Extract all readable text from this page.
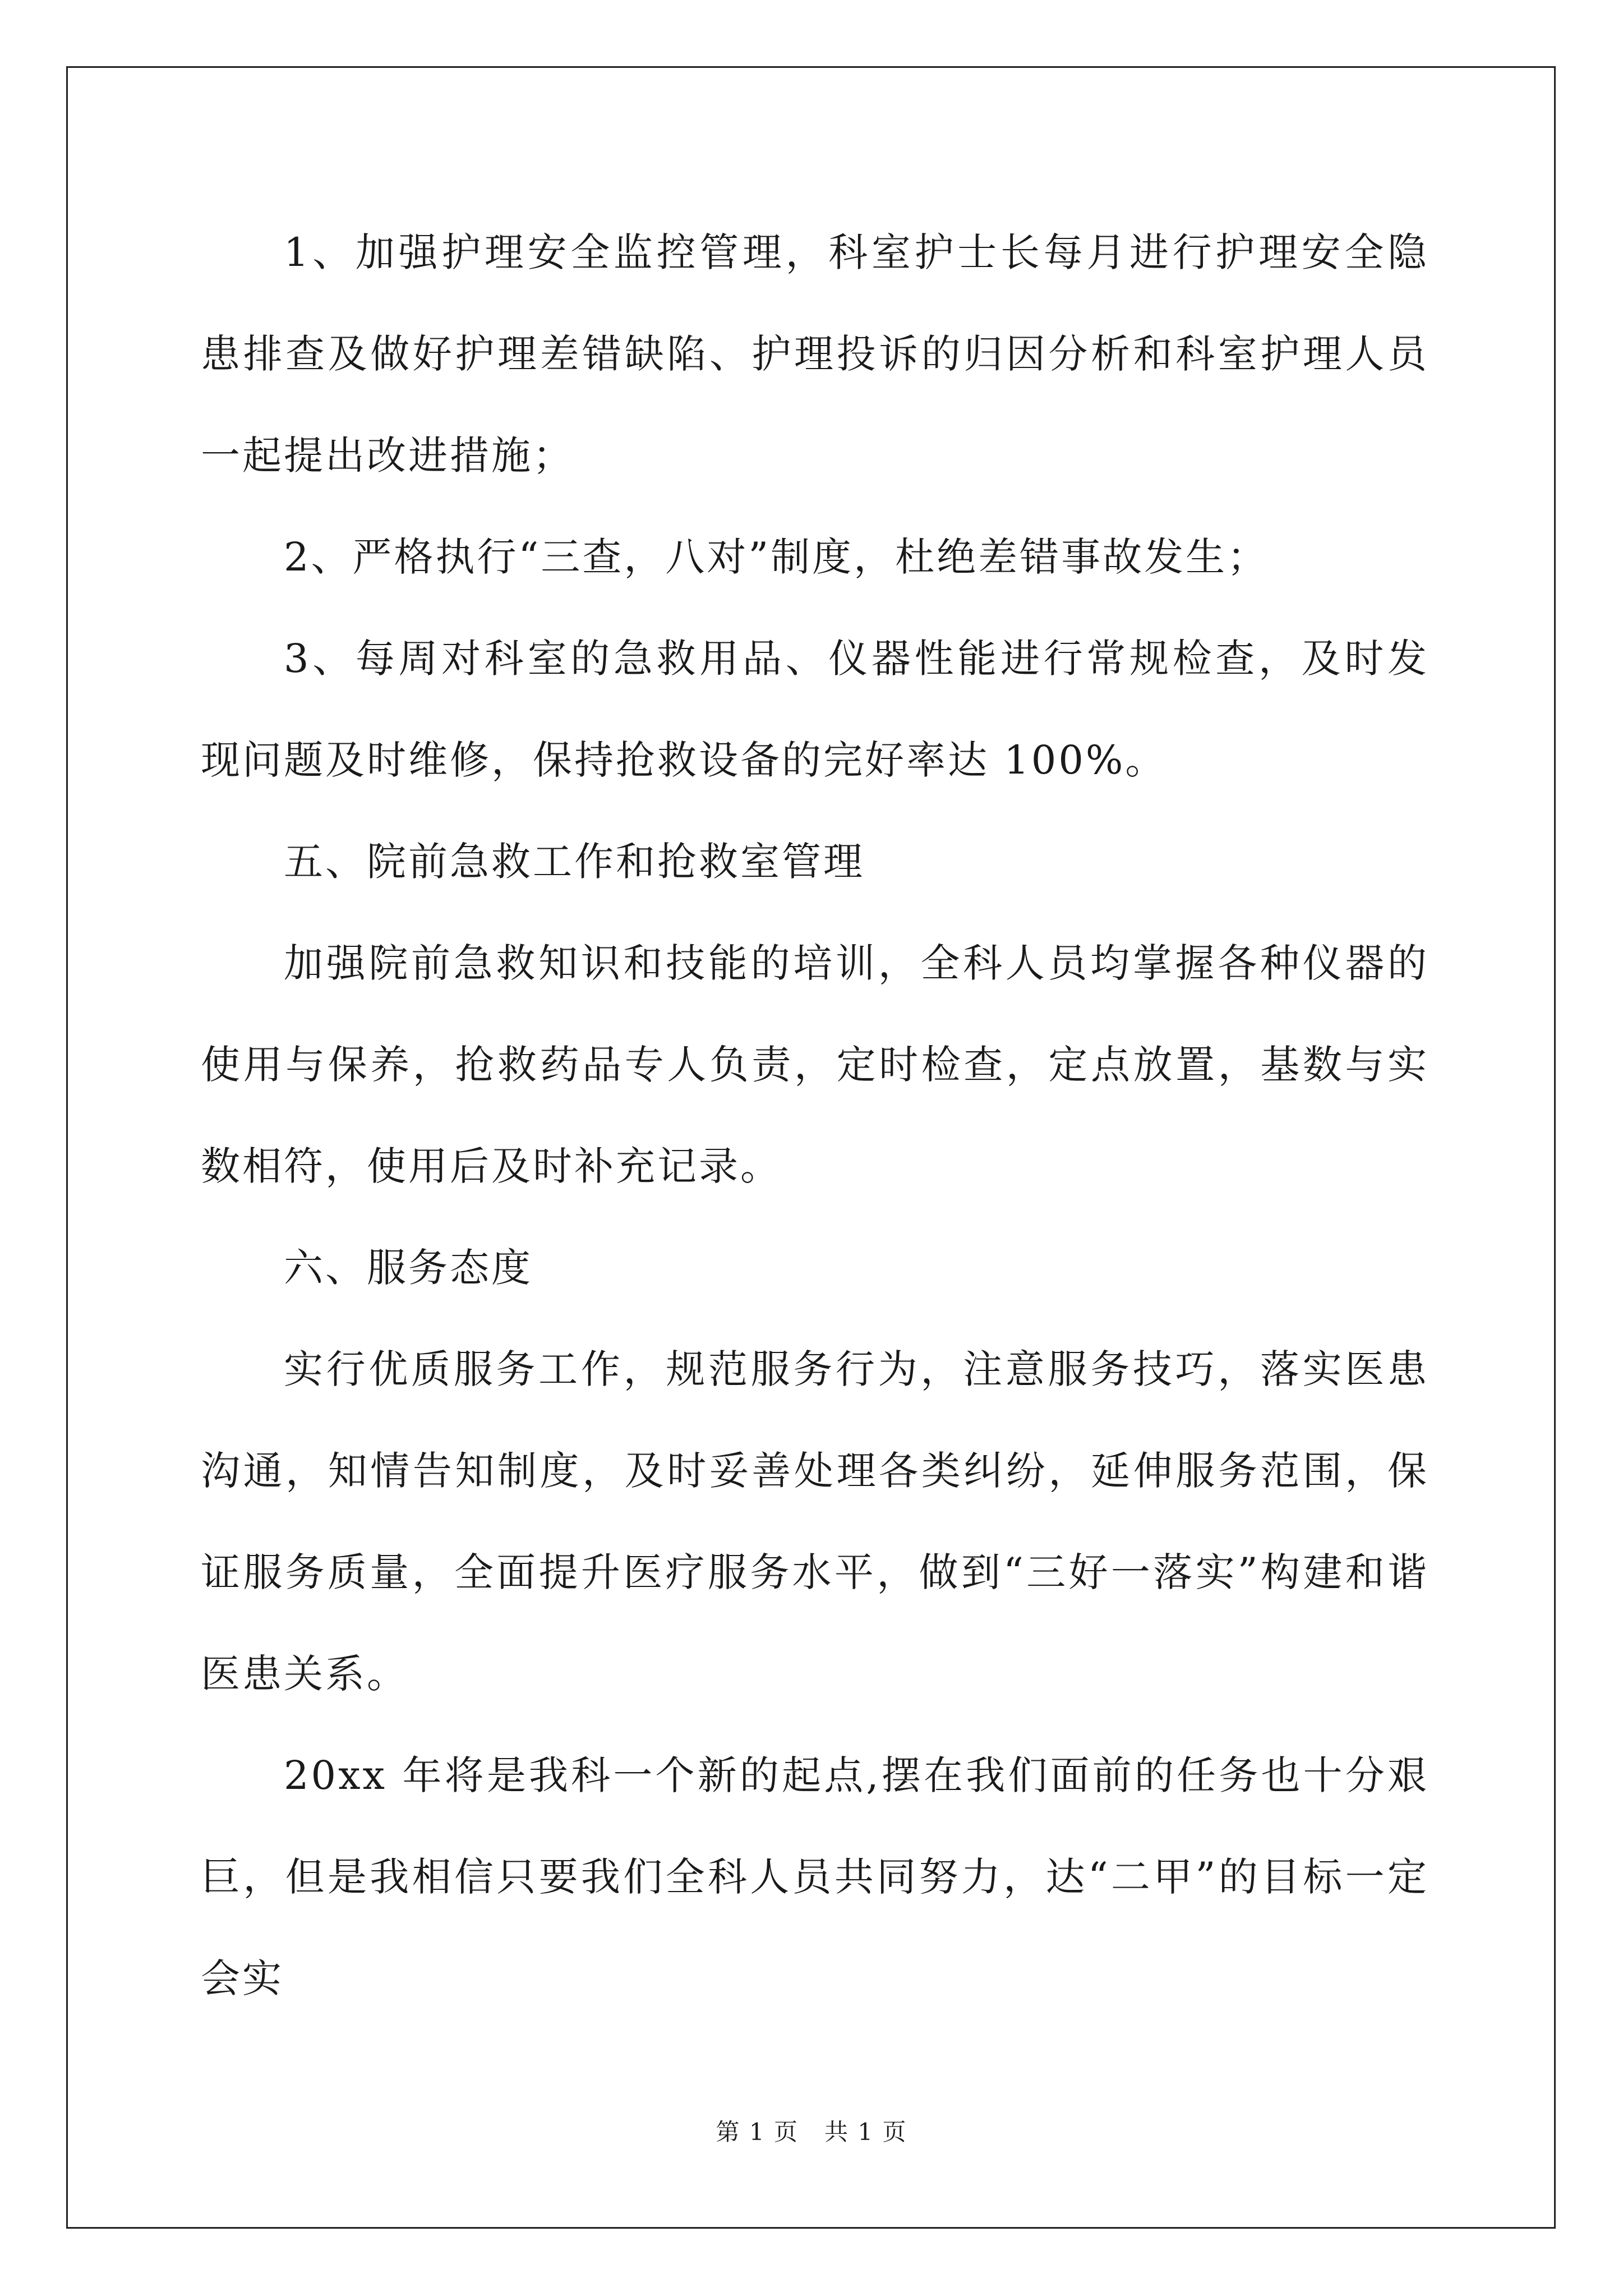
1、加强护理安全监控管理，科室护士长每月进行护理安全隐患排查及做好护理差错缺陷、护理投诉的归因分析和科室护理人员一起提出改进措施；

2、严格执行“三查，八对”制度，杜绝差错事故发生；

3、每周对科室的急救用品、仪器性能进行常规检查，及时发现问题及时维修，保持抢救设备的完好率达 100%。

五、院前急救工作和抢救室管理

加强院前急救知识和技能的培训，全科人员均掌握各种仪器的使用与保养，抢救药品专人负责，定时检查，定点放置，基数与实数相符，使用后及时补充记录。

六、服务态度

实行优质服务工作，规范服务行为，注意服务技巧，落实医患沟通，知情告知制度，及时妥善处理各类纠纷，延伸服务范围，保证服务质量，全面提升医疗服务水平，做到“三好一落实”构建和谐医患关系。

20xx 年将是我科一个新的起点,摆在我们面前的任务也十分艰巨，但是我相信只要我们全科人员共同努力，达“二甲”的目标一定会实

第 1 页   共 1 页
